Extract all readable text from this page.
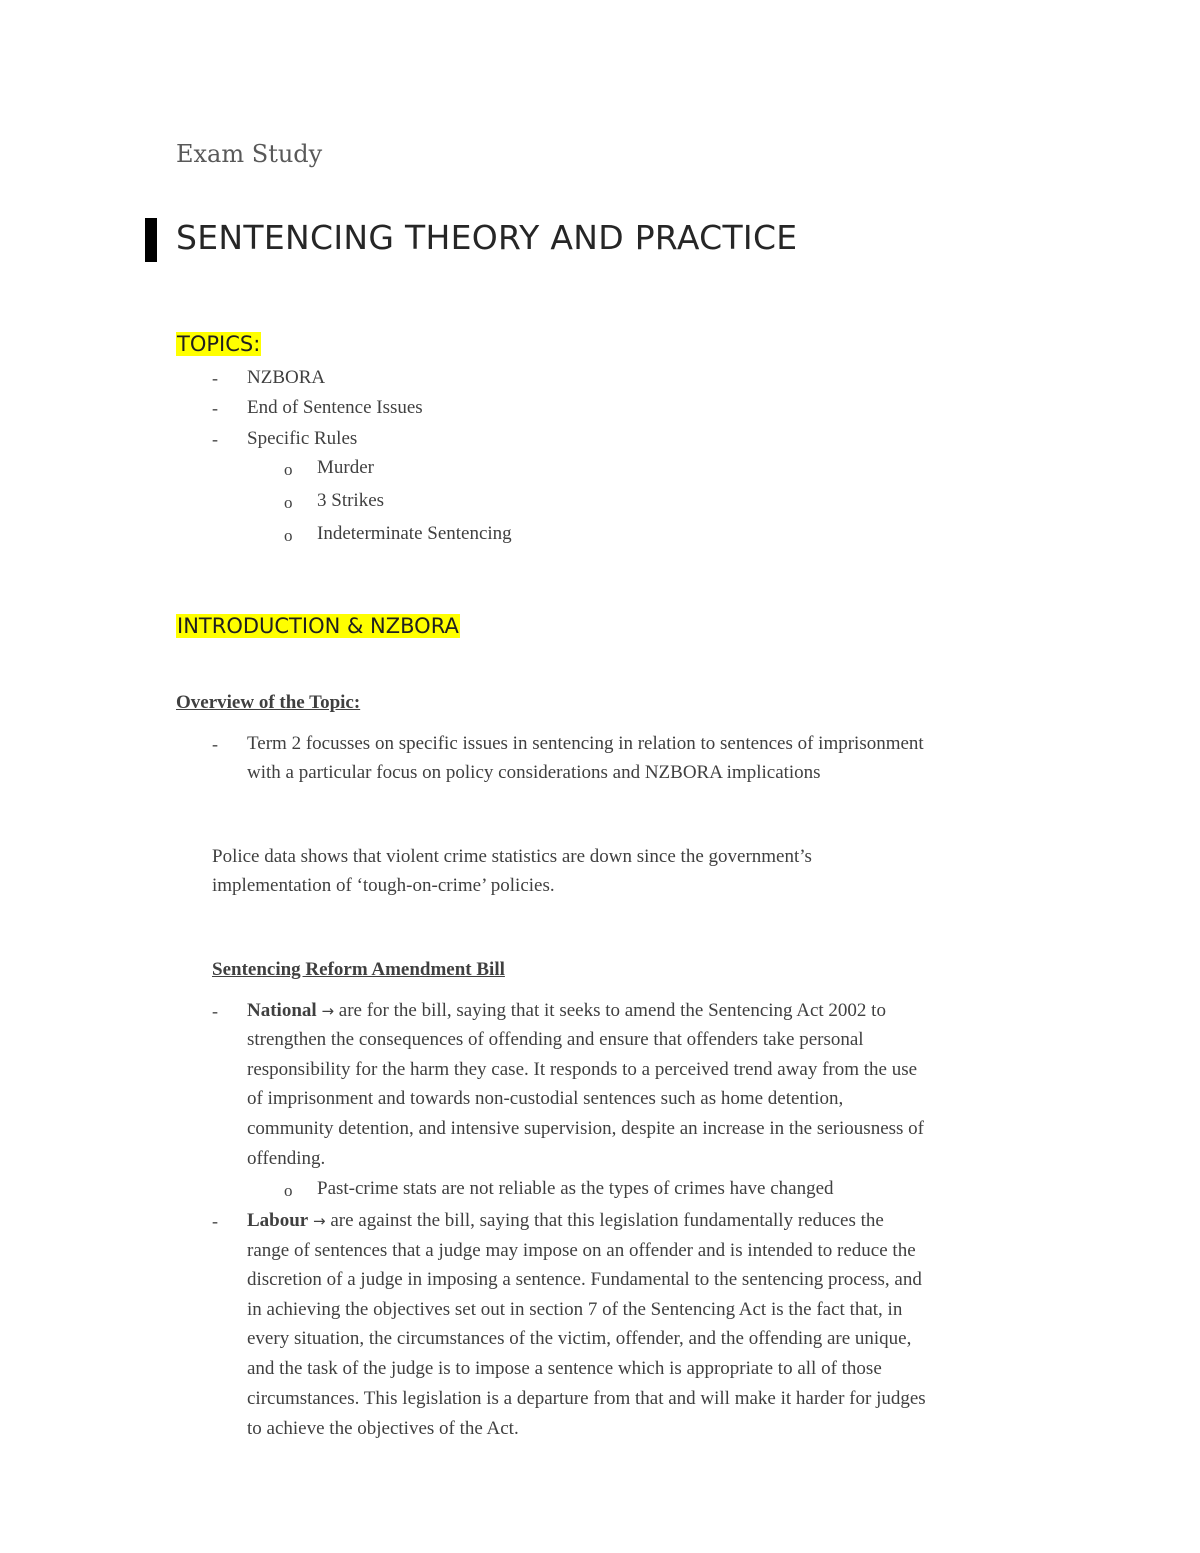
Exam Study
SENTENCING THEORY AND PRACTICE
TOPICS:
- NZBORA
- End of Sentence Issues
- Specific Rules
o Murder
o 3 Strikes
o Indeterminate Sentencing
INTRODUCTION & NZBORA
Overview of the Topic:
- Term 2 focusses on specific issues in sentencing in relation to sentences of imprisonment
with a particular focus on policy considerations and NZBORA implications
Police data shows that violent crime statistics are down since the government’s
implementation of ‘tough-on-crime’ policies.
Sentencing Reform Amendment Bill
- National → are for the bill, saying that it seeks to amend the Sentencing Act 2002 to
strengthen the consequences of offending and ensure that offenders take personal
responsibility for the harm they case. It responds to a perceived trend away from the use
of imprisonment and towards non-custodial sentences such as home detention,
community detention, and intensive supervision, despite an increase in the seriousness of
offending.
o Past-crime stats are not reliable as the types of crimes have changed
- Labour → are against the bill, saying that this legislation fundamentally reduces the
range of sentences that a judge may impose on an offender and is intended to reduce the
discretion of a judge in imposing a sentence. Fundamental to the sentencing process, and
in achieving the objectives set out in section 7 of the Sentencing Act is the fact that, in
every situation, the circumstances of the victim, offender, and the offending are unique,
and the task of the judge is to impose a sentence which is appropriate to all of those
circumstances. This legislation is a departure from that and will make it harder for judges
to achieve the objectives of the Act.
